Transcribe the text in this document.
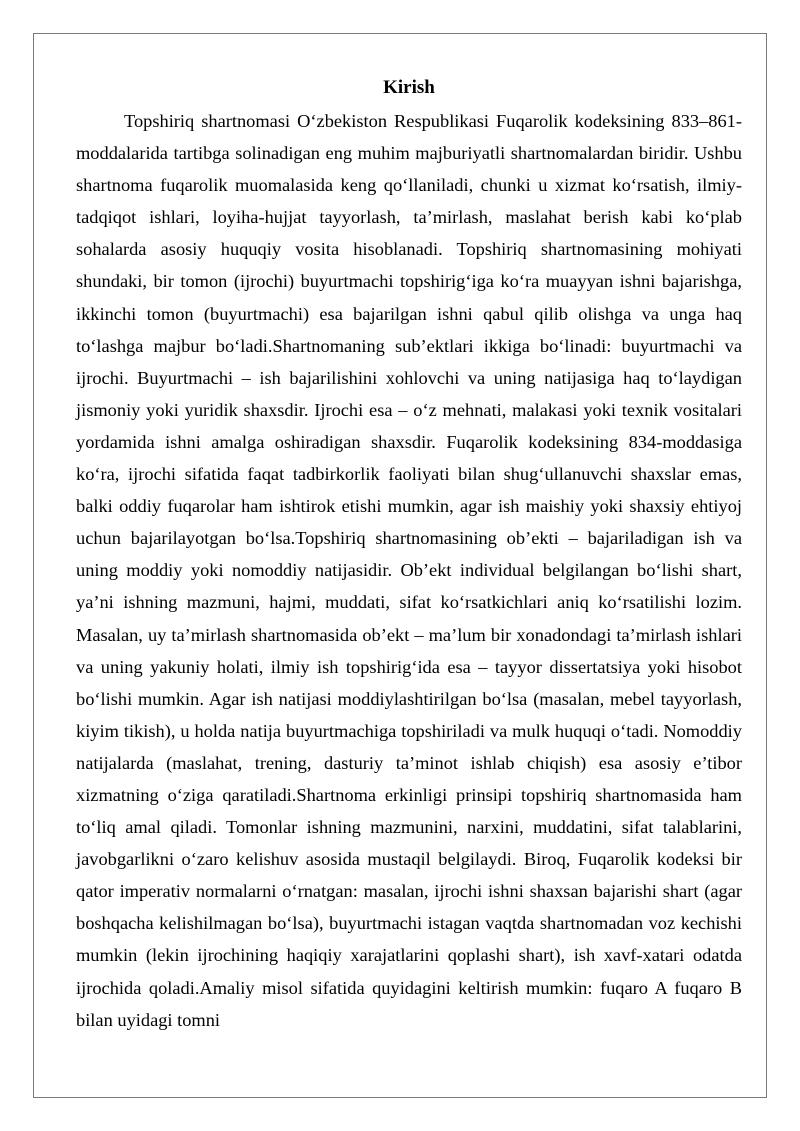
Kirish

Topshiriq shartnomasi O‘zbekiston Respublikasi Fuqarolik kodeksining 833–861-moddalarida tartibga solinadigan eng muhim majburiyatli shartnomalardan biridir. Ushbu shartnoma fuqarolik muomalasida keng qo‘llaniladi, chunki u xizmat ko‘rsatish, ilmiy-tadqiqot ishlari, loyiha-hujjat tayyorlash, ta’mirlash, maslahat berish kabi ko‘plab sohalarda asosiy huquqiy vosita hisoblanadi. Topshiriq shartnomasining mohiyati shundaki, bir tomon (ijrochi) buyurtmachi topshirig‘iga ko‘ra muayyan ishni bajarishga, ikkinchi tomon (buyurtmachi) esa bajarilgan ishni qabul qilib olishga va unga haq to‘lashga majbur bo‘ladi.Shartnomaning sub’ektlari ikkiga bo‘linadi: buyurtmachi va ijrochi. Buyurtmachi – ish bajarilishini xohlovchi va uning natijasiga haq to‘laydigan jismoniy yoki yuridik shaxsdir. Ijrochi esa – o‘z mehnati, malakasi yoki texnik vositalari yordamida ishni amalga oshiradigan shaxsdir. Fuqarolik kodeksining 834-moddasiga ko‘ra, ijrochi sifatida faqat tadbirkorlik faoliyati bilan shug‘ullanuvchi shaxslar emas, balki oddiy fuqarolar ham ishtirok etishi mumkin, agar ish maishiy yoki shaxsiy ehtiyoj uchun bajarilayotgan bo‘lsa.Topshiriq shartnomasining ob’ekti – bajariladigan ish va uning moddiy yoki nomoddiy natijasidir. Ob’ekt individual belgilangan bo‘lishi shart, ya’ni ishning mazmuni, hajmi, muddati, sifat ko‘rsatkichlari aniq ko‘rsatilishi lozim. Masalan, uy ta’mirlash shartnomasida ob’ekt – ma’lum bir xonadondagi ta’mirlash ishlari va uning yakuniy holati, ilmiy ish topshirig‘ida esa – tayyor dissertatsiya yoki hisobot bo‘lishi mumkin. Agar ish natijasi moddiylashtirilgan bo‘lsa (masalan, mebel tayyorlash, kiyim tikish), u holda natija buyurtmachiga topshiriladi va mulk huquqi o‘tadi. Nomoddiy natijalarda (maslahat, trening, dasturiy ta’minot ishlab chiqish) esa asosiy e’tibor xizmatning o‘ziga qaratiladi.Shartnoma erkinligi prinsipi topshiriq shartnomasida ham to‘liq amal qiladi. Tomonlar ishning mazmunini, narxini, muddatini, sifat talablarini, javobgarlikni o‘zaro kelishuv asosida mustaqil belgilaydi. Biroq, Fuqarolik kodeksi bir qator imperativ normalarni o‘rnatgan: masalan, ijrochi ishni shaxsan bajarishi shart (agar boshqacha kelishilmagan bo‘lsa), buyurtmachi istagan vaqtda shartnomadan voz kechishi mumkin (lekin ijrochining haqiqiy xarajatlarini qoplashi shart), ish xavf-xatari odatda ijrochida qoladi.Amaliy misol sifatida quyidagini keltirish mumkin: fuqaro A fuqaro B bilan uyidagi tomni
